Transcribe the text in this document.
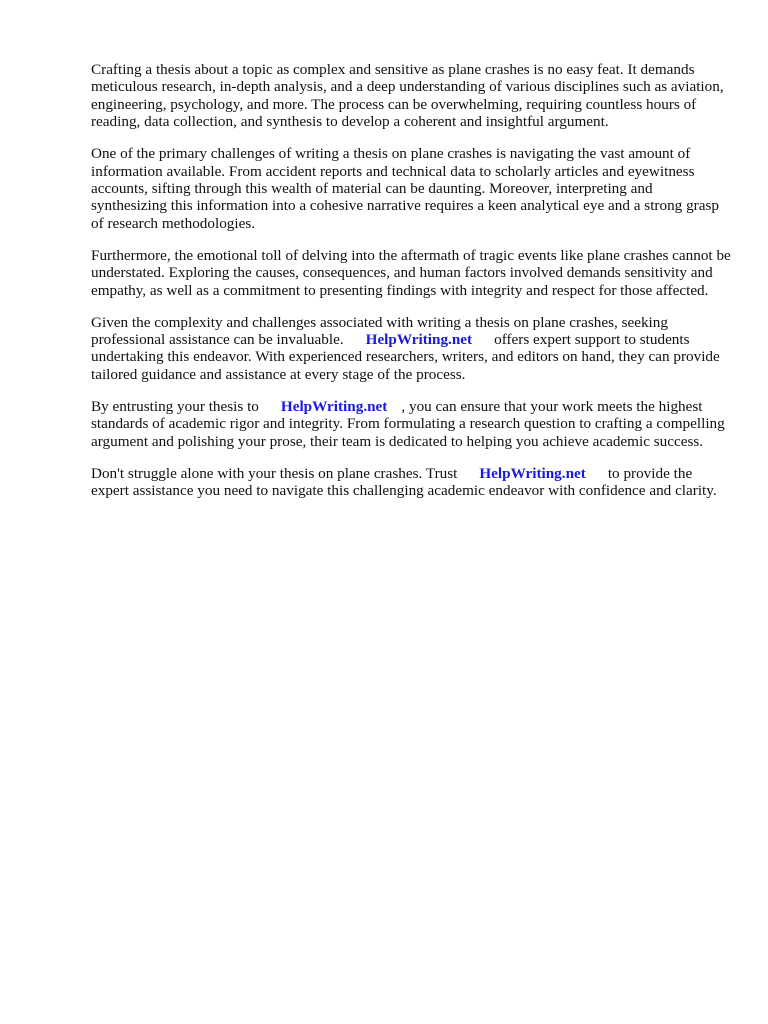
Crafting a thesis about a topic as complex and sensitive as plane crashes is no easy feat. It demands meticulous research, in-depth analysis, and a deep understanding of various disciplines such as aviation, engineering, psychology, and more. The process can be overwhelming, requiring countless hours of reading, data collection, and synthesis to develop a coherent and insightful argument.

One of the primary challenges of writing a thesis on plane crashes is navigating the vast amount of information available. From accident reports and technical data to scholarly articles and eyewitness accounts, sifting through this wealth of material can be daunting. Moreover, interpreting and synthesizing this information into a cohesive narrative requires a keen analytical eye and a strong grasp of research methodologies.

Furthermore, the emotional toll of delving into the aftermath of tragic events like plane crashes cannot be understated. Exploring the causes, consequences, and human factors involved demands sensitivity and empathy, as well as a commitment to presenting findings with integrity and respect for those affected.

Given the complexity and challenges associated with writing a thesis on plane crashes, seeking professional assistance can be invaluable. HelpWriting.net offers expert support to students undertaking this endeavor. With experienced researchers, writers, and editors on hand, they can provide tailored guidance and assistance at every stage of the process.

By entrusting your thesis to HelpWriting.net , you can ensure that your work meets the highest standards of academic rigor and integrity. From formulating a research question to crafting a compelling argument and polishing your prose, their team is dedicated to helping you achieve academic success.

Don't struggle alone with your thesis on plane crashes. Trust HelpWriting.net to provide the expert assistance you need to navigate this challenging academic endeavor with confidence and clarity.
